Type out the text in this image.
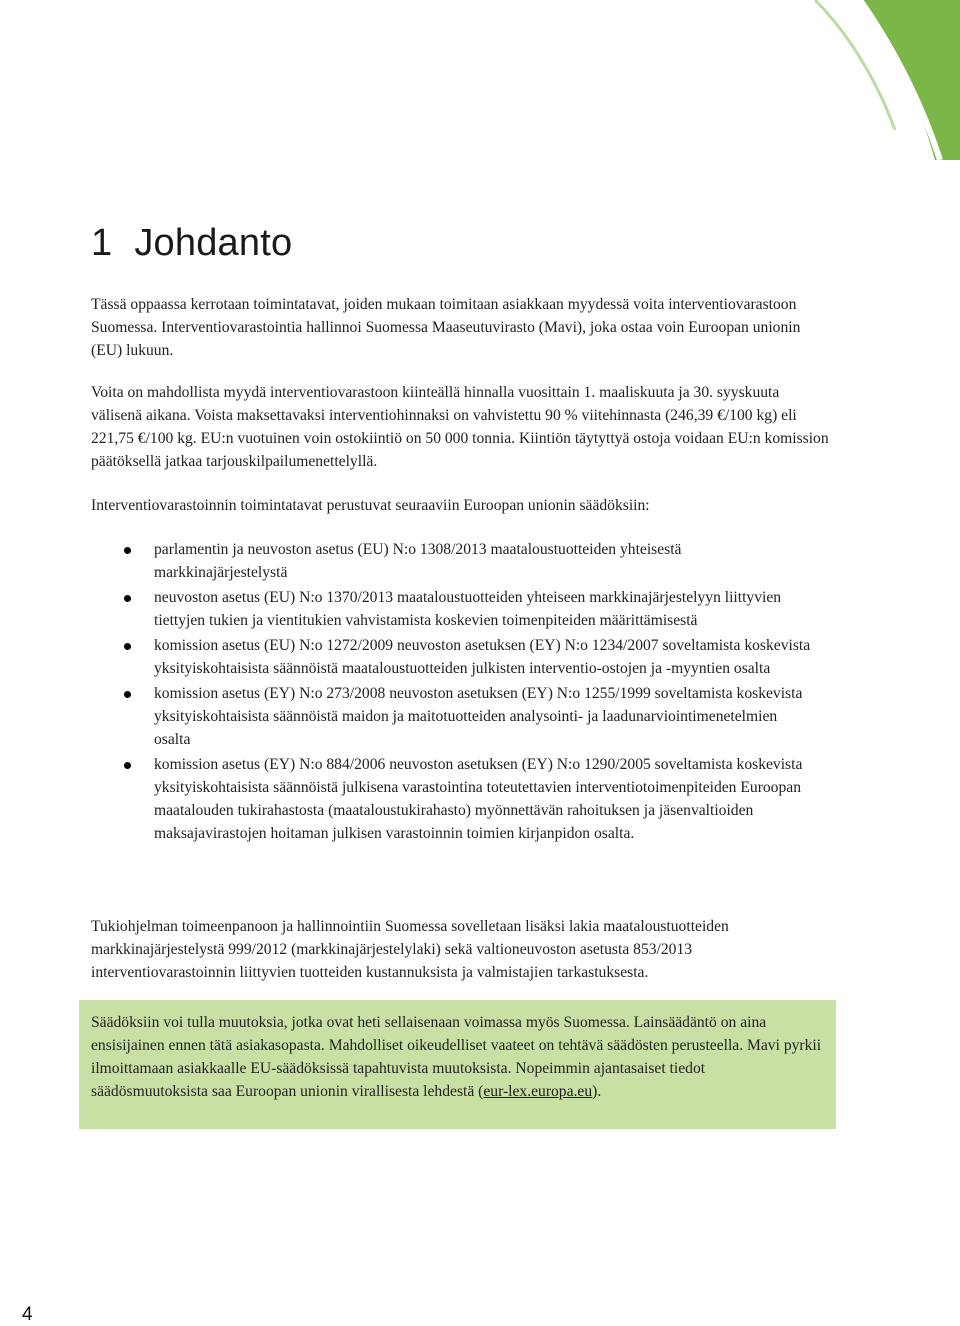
1 Johdanto

Tässä oppaassa kerrotaan toimintatavat, joiden mukaan toimitaan asiakkaan myydessä voita interventiovarastoon Suomessa. Interventiovarastointia hallinnoi Suomessa Maaseutuvirasto (Mavi), joka ostaa voin Euroopan unionin (EU) lukuun.

Voita on mahdollista myydä interventiovarastoon kiinteällä hinnalla vuosittain 1. maaliskuuta ja 30. syyskuuta välisenä aikana. Voista maksettavaksi interventiohinnaksi on vahvistettu 90 % viitehinnasta (246,39 €/100 kg) eli 221,75 €/100 kg. EU:n vuotuinen voin ostokiintiö on 50 000 tonnia. Kiintiön täytyttyä ostoja voidaan EU:n komission päätöksellä jatkaa tarjouskilpailumenettelyllä.

Interventiovarastoinnin toimintatavat perustuvat seuraaviin Euroopan unionin säädöksiin:

parlamentin ja neuvoston asetus (EU) N:o 1308/2013 maataloustuotteiden yhteisestä markkinajärjestelystä
neuvoston asetus (EU) N:o 1370/2013 maataloustuotteiden yhteiseen markkinajärjestelyyn liittyvien tiettyjen tukien ja vientitukien vahvistamista koskevien toimenpiteiden määrittämisestä
komission asetus (EU) N:o 1272/2009 neuvoston asetuksen (EY) N:o 1234/2007 soveltamista koskevista yksityiskohtaisista säännöistä maataloustuotteiden julkisten interventio-ostojen ja -myyntien osalta
komission asetus (EY) N:o 273/2008 neuvoston asetuksen (EY) N:o 1255/1999 soveltamista koskevista yksityiskohtaisista säännöistä maidon ja maitotuotteiden analysointi- ja laadunarviointimenetelmien osalta
komission asetus (EY) N:o 884/2006 neuvoston asetuksen (EY) N:o 1290/2005 soveltamista koskevista yksityiskohtaisista säännöistä julkisena varastointina toteutettavien interventiotoimenpiteiden Euroopan maatalouden tukirahastosta (maataloustukirahasto) myönnettävän rahoituksen ja jäsenvaltioiden maksajavirastojen hoitaman julkisen varastoinnin toimien kirjanpidon osalta.

Tukiohjelman toimeenpanoon ja hallinnointiin Suomessa sovelletaan lisäksi lakia maataloustuotteiden markkinajärjestelystä 999/2012 (markkinajärjestelylaki) sekä valtioneuvoston asetusta 853/2013 interventiovarastoinnin liittyvien tuotteiden kustannuksista ja valmistajien tarkastuksesta.

Säädöksiin voi tulla muutoksia, jotka ovat heti sellaisenaan voimassa myös Suomessa. Lainsäädäntö on aina ensisijainen ennen tätä asiakasopasta. Mahdolliset oikeudelliset vaateet on tehtävä säädösten perusteella. Mavi pyrkii ilmoittamaan asiakkaalle EU-säädöksissä tapahtuvista muutoksista. Nopeimmin ajantasaiset tiedot säädösmuutoksista saa Euroopan unionin virallisesta lehdestä (eur-lex.europa.eu).

4
